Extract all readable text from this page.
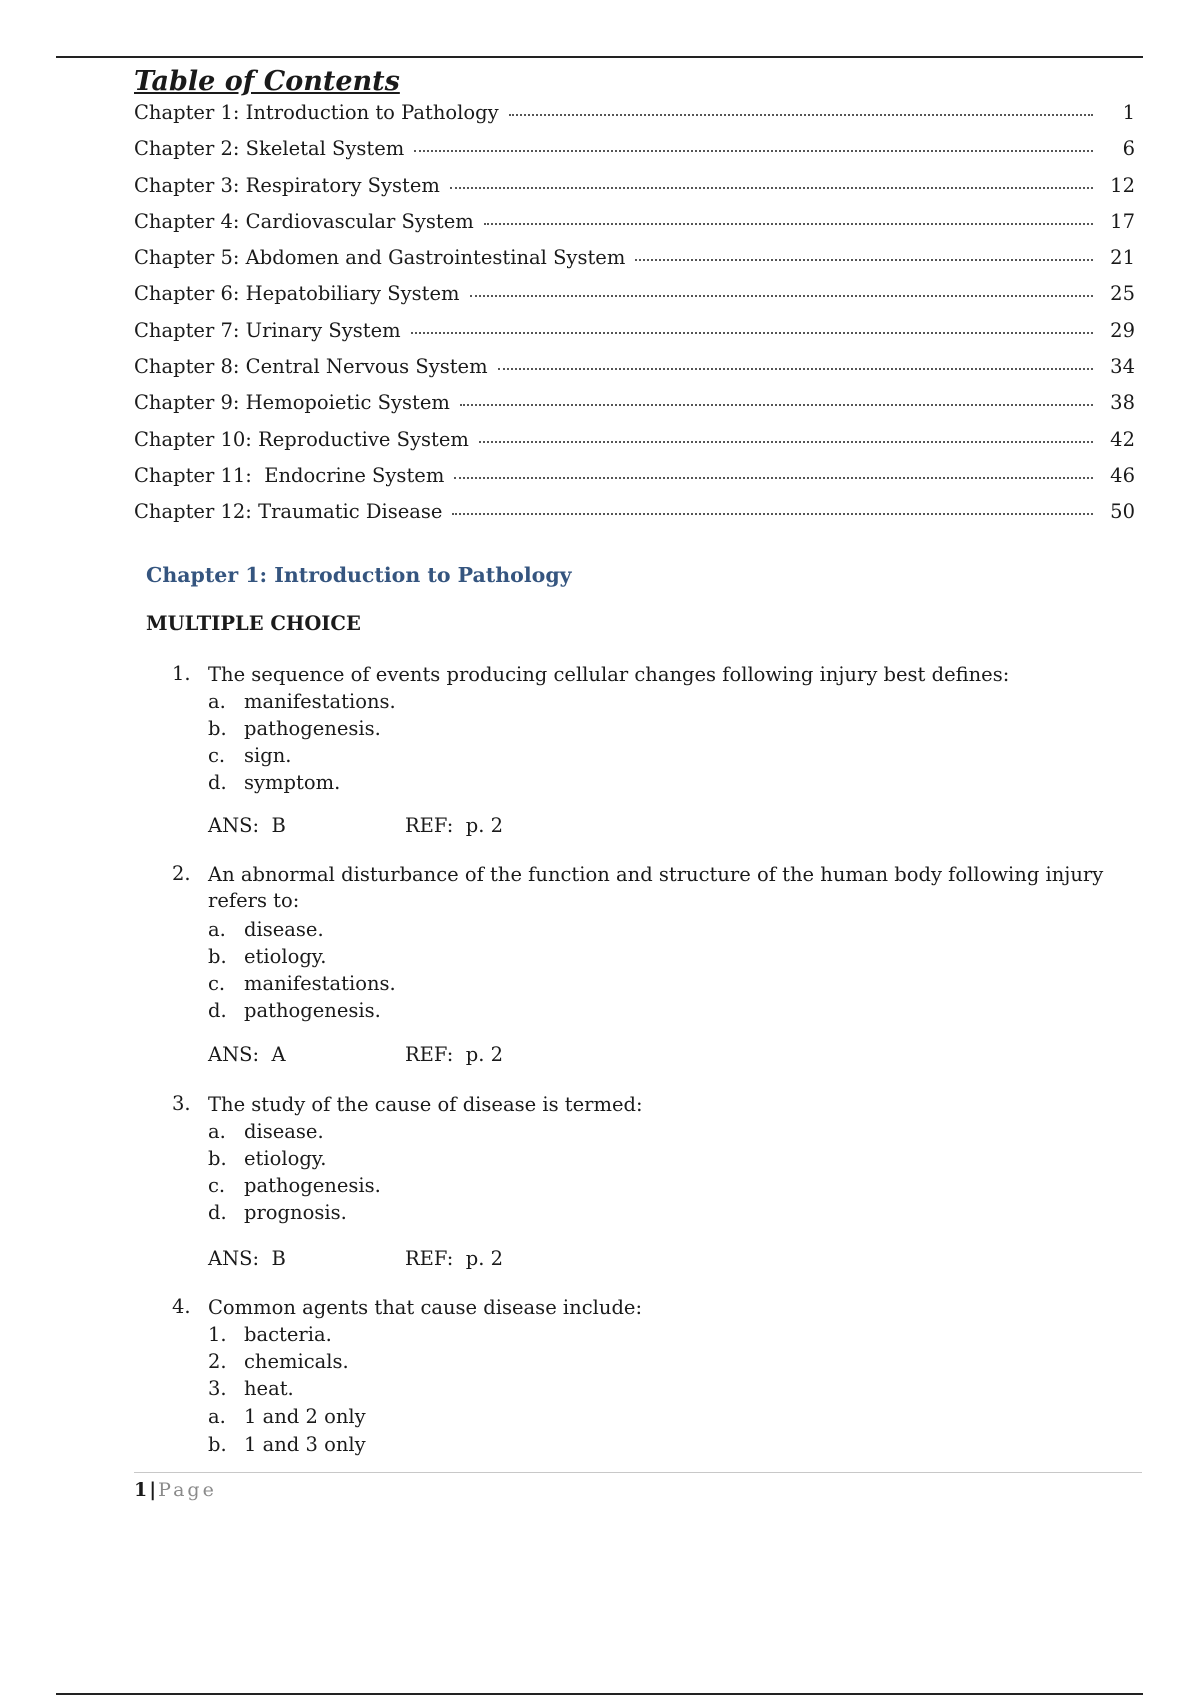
Table of Contents
Chapter 1: Introduction to Pathology	1
Chapter 2: Skeletal System	6
Chapter 3: Respiratory System	12
Chapter 4: Cardiovascular System	17
Chapter 5: Abdomen and Gastrointestinal System	21
Chapter 6: Hepatobiliary System	25
Chapter 7: Urinary System	29
Chapter 8: Central Nervous System	34
Chapter 9: Hemopoietic System	38
Chapter 10: Reproductive System	42
Chapter 11:  Endocrine System	46
Chapter 12: Traumatic Disease	50
Chapter 1: Introduction to Pathology
MULTIPLE CHOICE
1. The sequence of events producing cellular changes following injury best defines:
a. manifestations.
b. pathogenesis.
c. sign.
d. symptom.
ANS:  B	REF:  p. 2
2. An abnormal disturbance of the function and structure of the human body following injury refers to:
a. disease.
b. etiology.
c. manifestations.
d. pathogenesis.
ANS:  A	REF:  p. 2
3. The study of the cause of disease is termed:
a. disease.
b. etiology.
c. pathogenesis.
d. prognosis.
ANS:  B	REF:  p. 2
4. Common agents that cause disease include:
1. bacteria.
2. chemicals.
3. heat.
a. 1 and 2 only
b. 1 and 3 only
1 | Page
